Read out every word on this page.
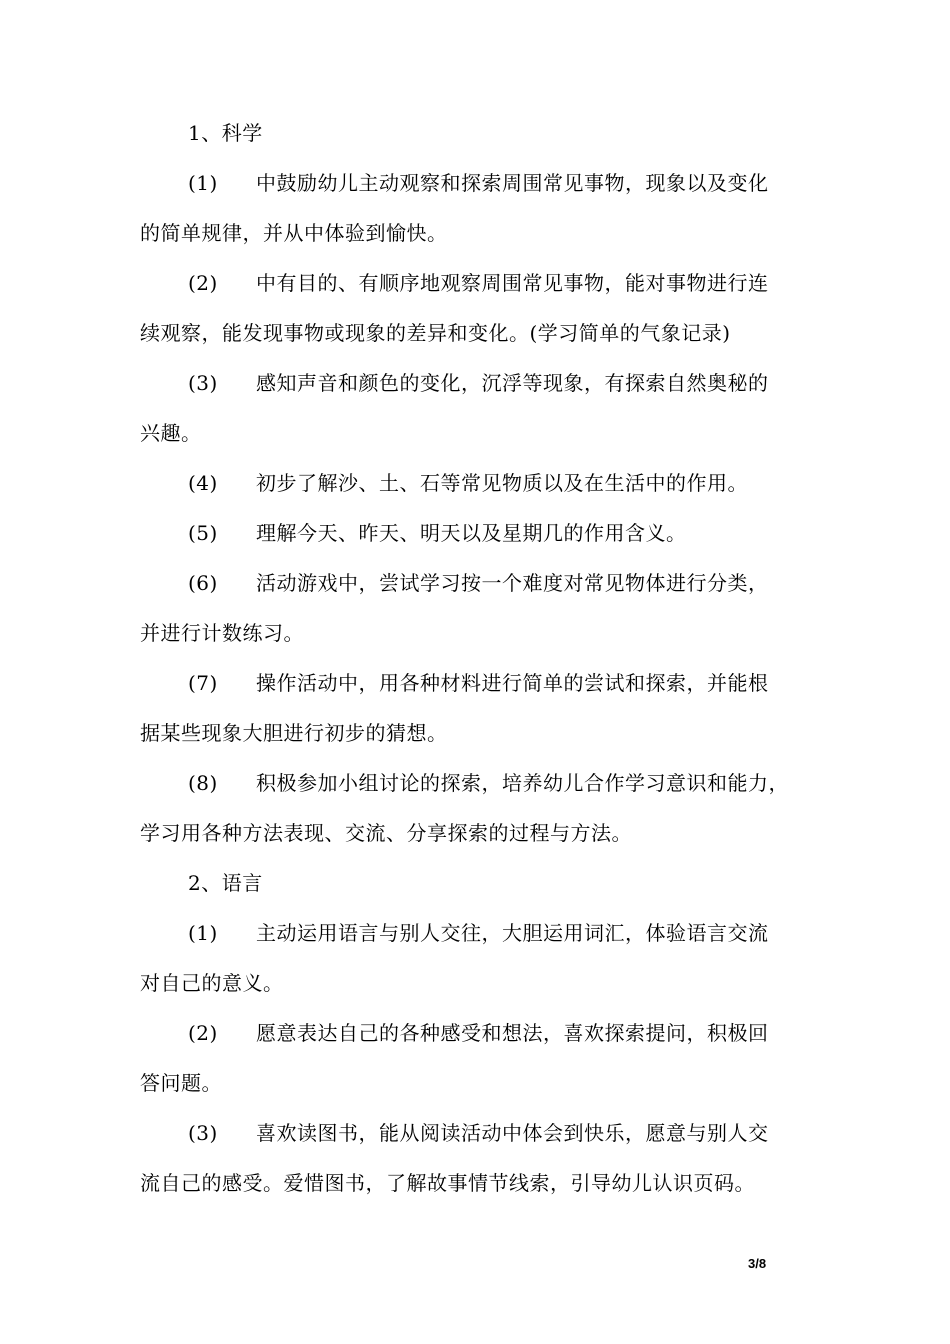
1、科学
(1) 中鼓励幼儿主动观察和探索周围常见事物，现象以及变化
的简单规律，并从中体验到愉快。
(2) 中有目的、有顺序地观察周围常见事物，能对事物进行连
续观察，能发现事物或现象的差异和变化。(学习简单的气象记录)
(3) 感知声音和颜色的变化，沉浮等现象，有探索自然奥秘的
兴趣。
(4) 初步了解沙、土、石等常见物质以及在生活中的作用。
(5) 理解今天、昨天、明天以及星期几的作用含义。
(6) 活动游戏中，尝试学习按一个难度对常见物体进行分类，
并进行计数练习。
(7) 操作活动中，用各种材料进行简单的尝试和探索，并能根
据某些现象大胆进行初步的猜想。
(8) 积极参加小组讨论的探索，培养幼儿合作学习意识和能力，
学习用各种方法表现、交流、分享探索的过程与方法。
2、语言
(1) 主动运用语言与别人交往，大胆运用词汇，体验语言交流
对自己的意义。
(2) 愿意表达自己的各种感受和想法，喜欢探索提问，积极回
答问题。
(3) 喜欢读图书，能从阅读活动中体会到快乐，愿意与别人交
流自己的感受。爱惜图书，了解故事情节线索，引导幼儿认识页码。
3/8
